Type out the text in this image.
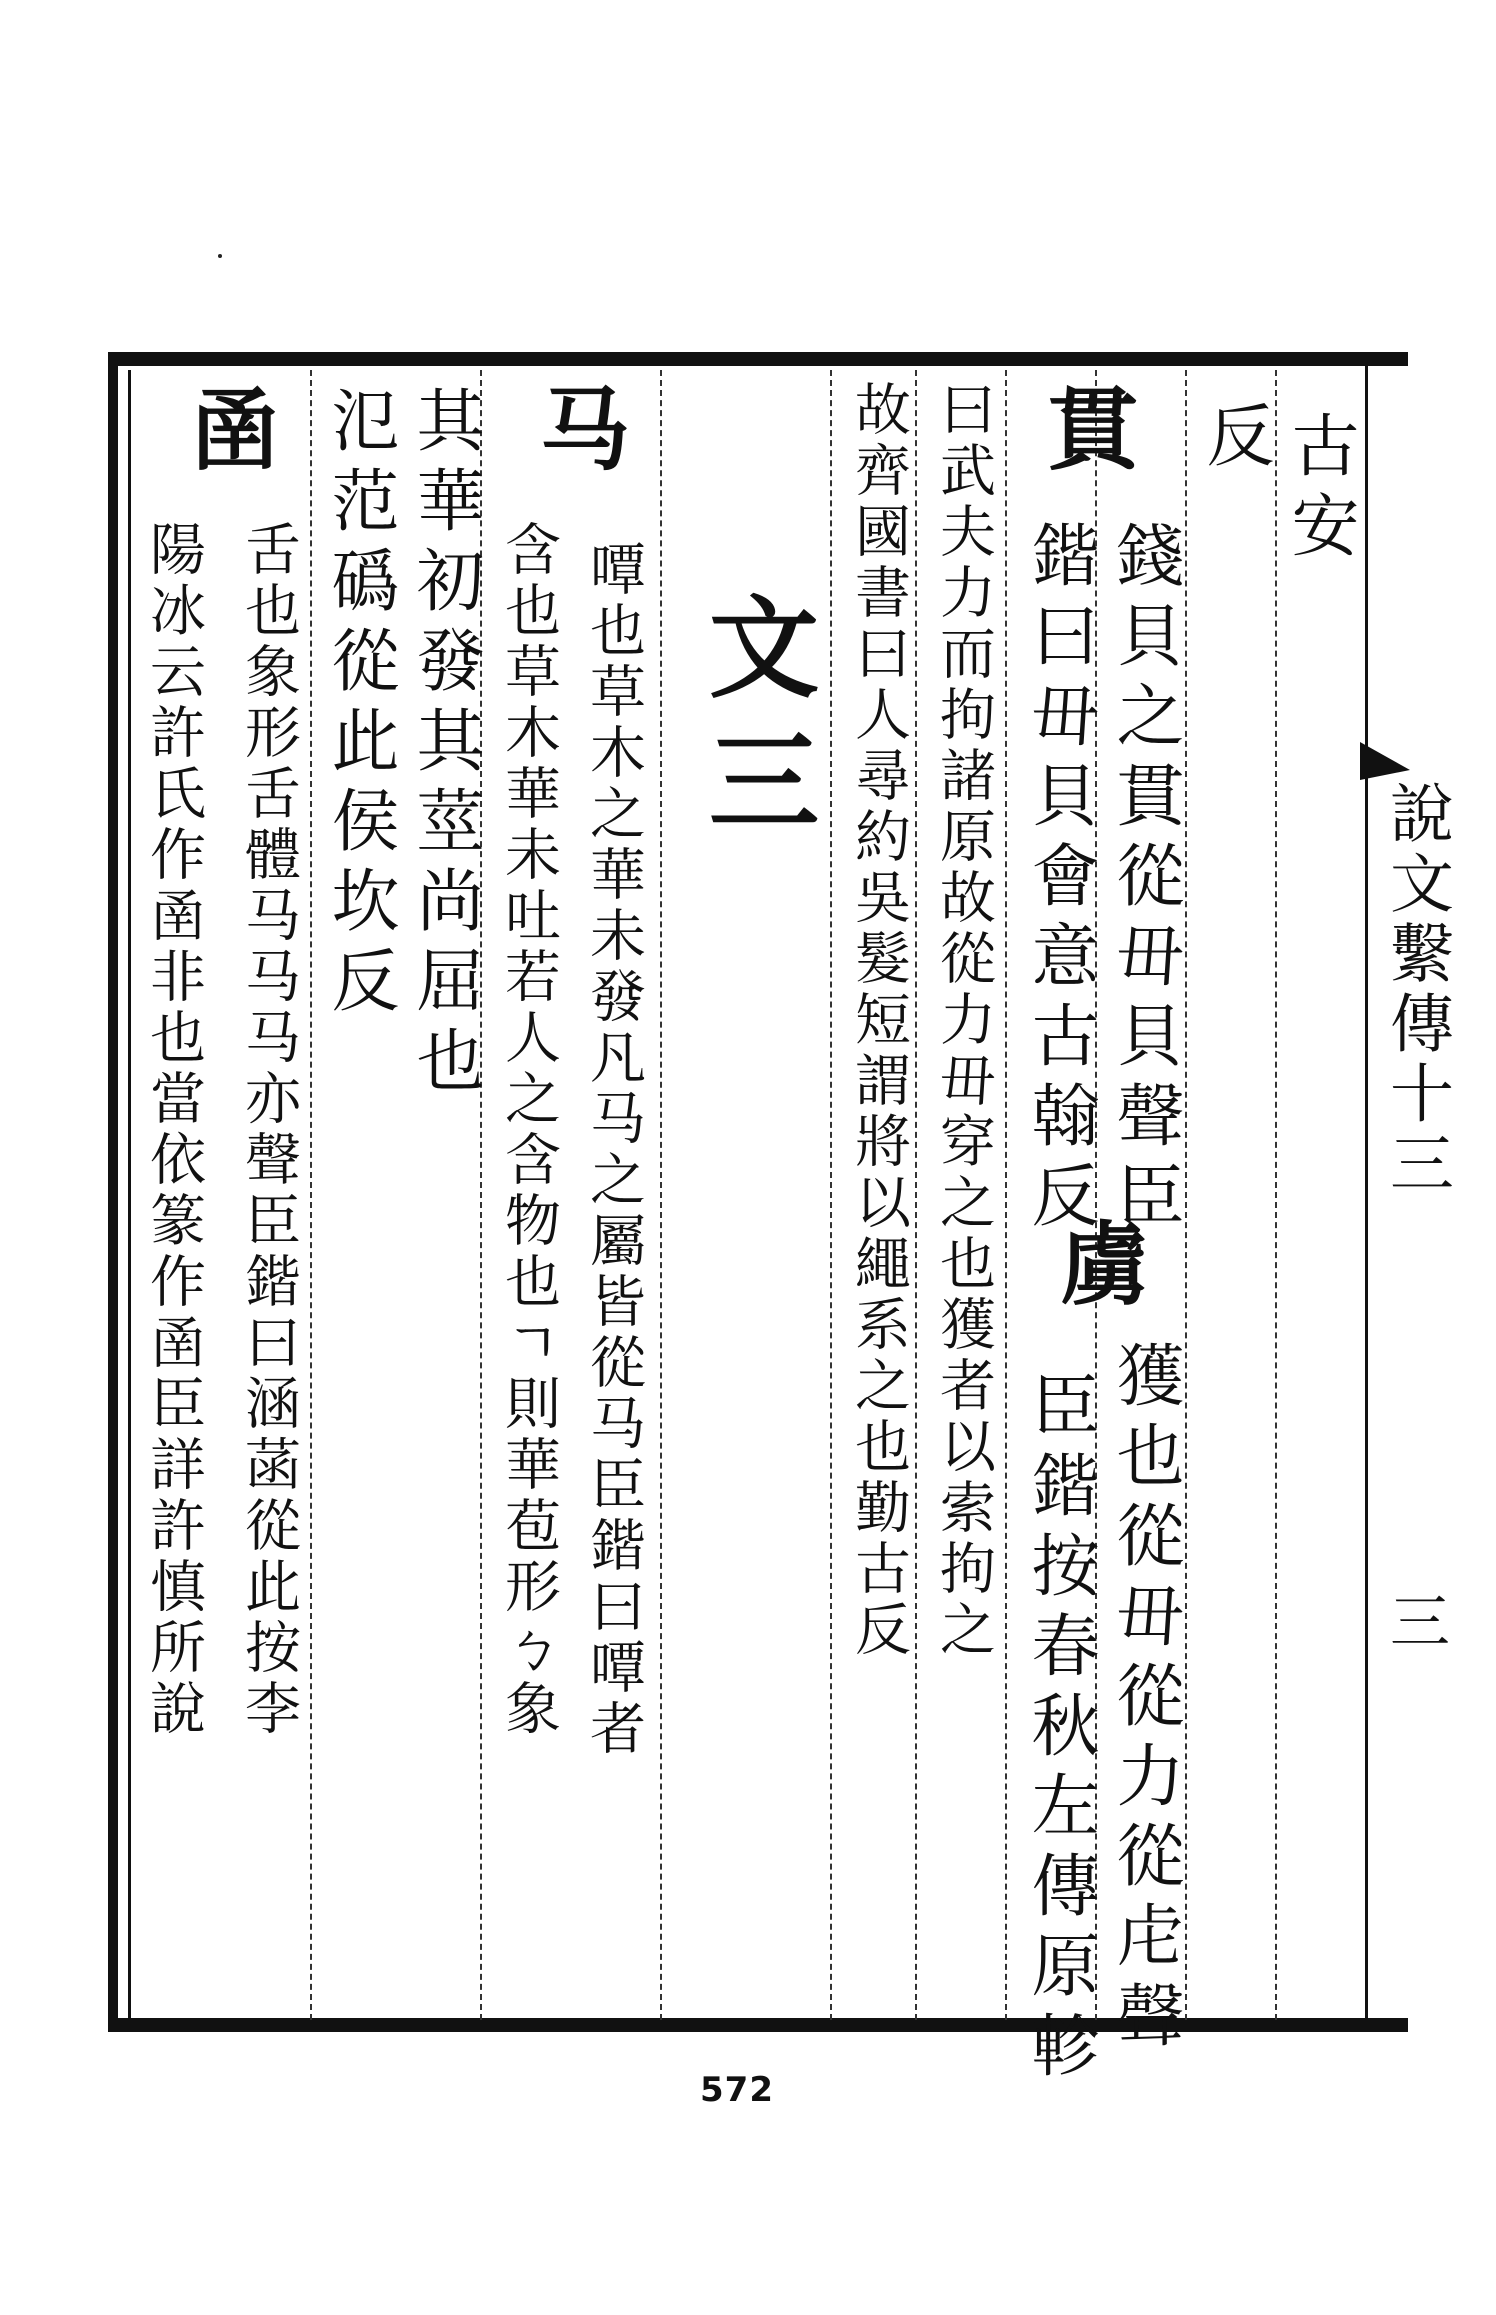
古安
反
貫
錢貝之貫從毌貝聲臣
鍇曰毌貝會意古翰反
虜
獲也從毌從力從虍聲
臣鍇按春秋左傳原軫
曰武夫力而拘諸原故從力毌穿之也獲者以索拘之
故齊國書曰人尋約吳髮短謂將以繩系之也勤古反
文三
马
嘾也草木之華未發凡马之屬皆從马臣鍇曰嘾者
含也草木華未吐若人之含物也ㄱ則華苞形ㄅ象
其華初發其莖尚屈也
氾范䃣從此侯坎反
圅
舌也象形舌體马马马亦聲臣鍇曰涵菡從此按李
陽冰云許氏作圅非也當依篆作圅臣詳許慎所說	說文繫傳十三
三
572
